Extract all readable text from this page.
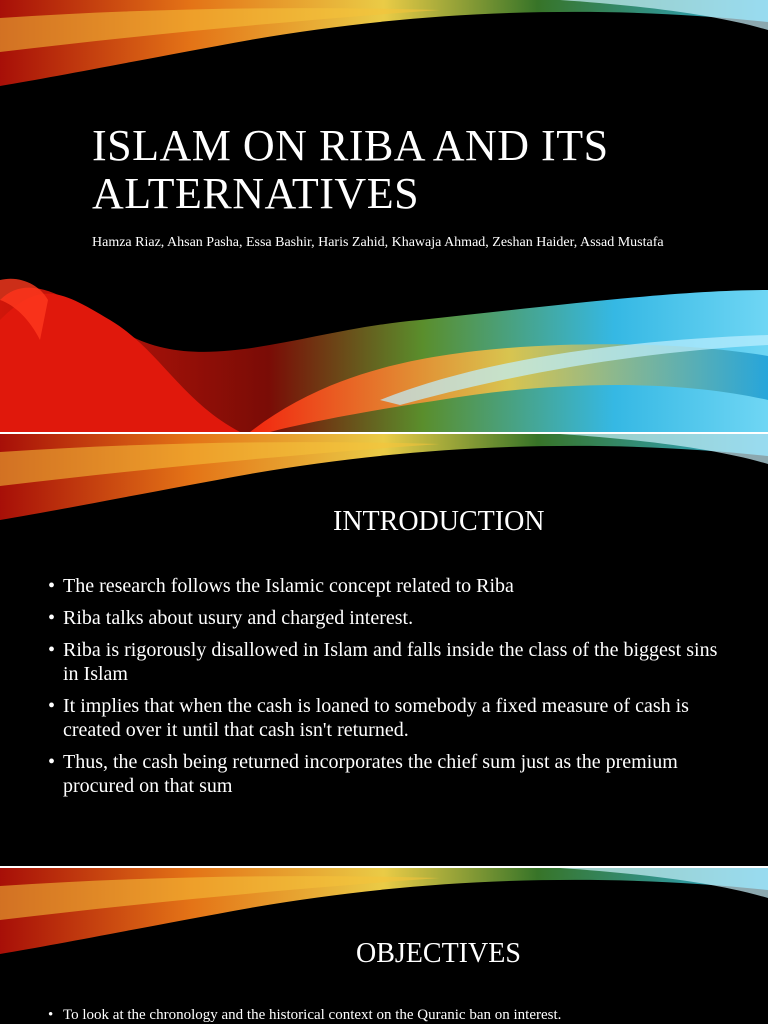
ISLAM ON RIBA AND ITS
ALTERNATIVES

Hamza Riaz, Ahsan Pasha, Essa Bashir, Haris Zahid, Khawaja Ahmad, Zeshan Haider, Assad Mustafa

INTRODUCTION
• The research follows the Islamic concept related to Riba
• Riba talks about usury and charged interest.
• Riba is rigorously disallowed in Islam and falls inside the class of the biggest sins in Islam
• It implies that when the cash is loaned to somebody a fixed measure of cash is created over it until that cash isn't returned.
• Thus, the cash being returned incorporates the chief sum just as the premium procured on that sum
OBJECTIVES
• To look at the chronology and the historical context on the Quranic ban on interest.
